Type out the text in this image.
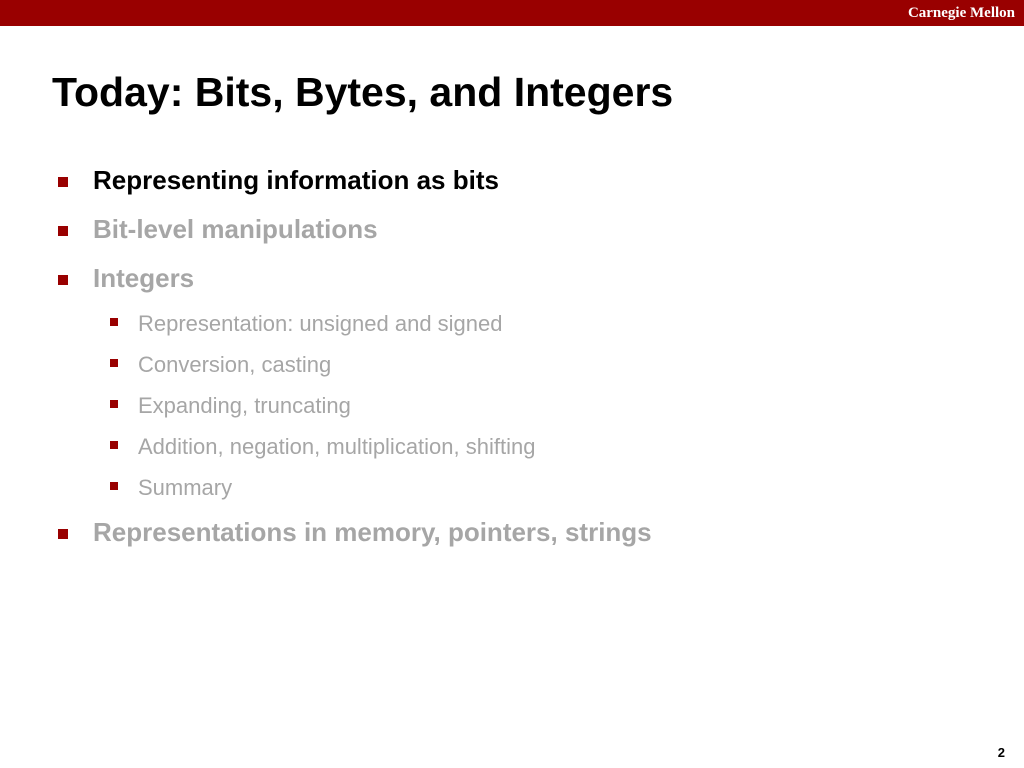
Carnegie Mellon
Today: Bits, Bytes, and Integers
Representing information as bits
Bit-level manipulations
Integers
Representation: unsigned and signed
Conversion, casting
Expanding, truncating
Addition, negation, multiplication, shifting
Summary
Representations in memory, pointers, strings
2
